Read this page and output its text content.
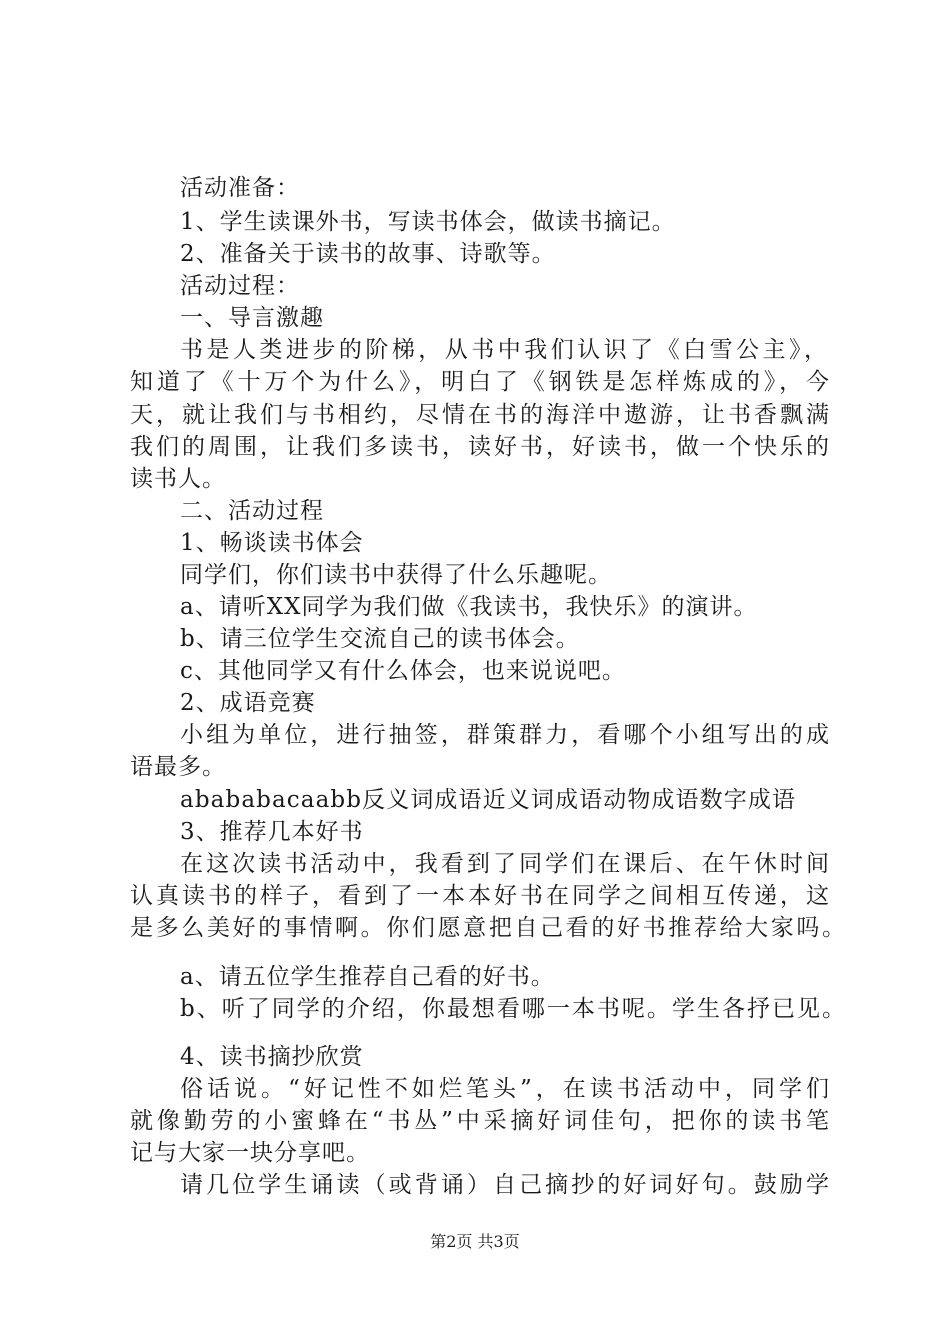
活动准备：
1、学生读课外书，写读书体会，做读书摘记。
2、准备关于读书的故事、诗歌等。
活动过程：
一、导言激趣
书是人类进步的阶梯，从书中我们认识了《白雪公主》，
知道了《十万个为什么》，明白了《钢铁是怎样炼成的》，今
天，就让我们与书相约，尽情在书的海洋中遨游，让书香飘满
我们的周围，让我们多读书，读好书，好读书，做一个快乐的
读书人。
二、活动过程
1、畅谈读书体会
同学们，你们读书中获得了什么乐趣呢。
a、请听XX同学为我们做《我读书，我快乐》的演讲。
b、请三位学生交流自己的读书体会。
c、其他同学又有什么体会，也来说说吧。
2、成语竞赛
小组为单位，进行抽签，群策群力，看哪个小组写出的成
语最多。
abababacaabb反义词成语近义词成语动物成语数字成语
3、推荐几本好书
在这次读书活动中，我看到了同学们在课后、在午休时间
认真读书的样子，看到了一本本好书在同学之间相互传递，这
是多么美好的事情啊。你们愿意把自己看的好书推荐给大家吗。
a、请五位学生推荐自己看的好书。
b、听了同学的介绍，你最想看哪一本书呢。学生各抒已见。
4、读书摘抄欣赏
俗话说。“好记性不如烂笔头”，在读书活动中，同学们
就像勤劳的小蜜蜂在“书丛”中采摘好词佳句，把你的读书笔
记与大家一块分享吧。
请几位学生诵读（或背诵）自己摘抄的好词好句。鼓励学
第2页 共3页
